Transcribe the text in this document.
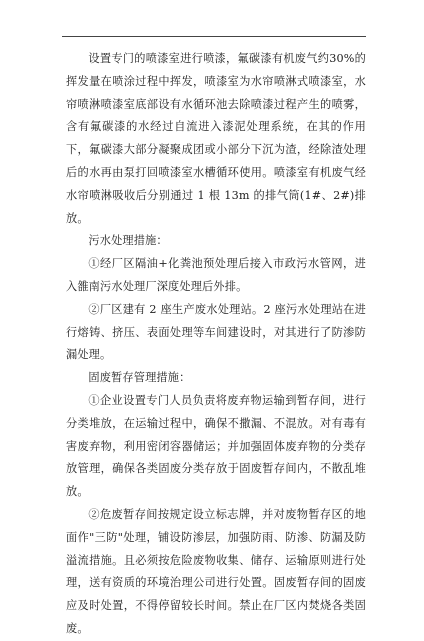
设置专门的喷漆室进行喷漆，氟碳漆有机废气约30%的挥发量在喷涂过程中挥发，喷漆室为水帘喷淋式喷漆室，水帘喷淋喷漆室底部设有水循环池去除喷漆过程产生的喷雾，含有氟碳漆的水经过自流进入漆泥处理系统，在其的作用下，氟碳漆大部分凝聚成团或小部分下沉为渣，经除渣处理后的水再由泵打回喷漆室水槽循环使用。喷漆室有机废气经水帘喷淋吸收后分别通过 1 根 13m 的排气筒(1#、2#)排放。

污水处理措施：

①经厂区隔油+化粪池预处理后接入市政污水管网，进入雒南污水处理厂深度处理后外排。

②厂区建有 2 座生产废水处理站。2 座污水处理站在进行熔铸、挤压、表面处理等车间建设时，对其进行了防渗防漏处理。

固废暂存管理措施：

①企业设置专门人员负责将废弃物运输到暂存间，进行分类堆放，在运输过程中，确保不撒漏、不混放。对有毒有害废弃物，利用密闭容器储运；并加强固体废弃物的分类存放管理，确保各类固废分类存放于固废暂存间内，不散乱堆放。

②危废暂存间按规定设立标志牌，并对废物暂存区的地面作"三防"处理，铺设防渗层，加强防雨、防渗、防漏及防溢流措施。且必须按危险废物收集、储存、运输原则进行处理，送有资质的环境治理公司进行处置。固废暂存间的固废应及时处置，不得停留较长时间。禁止在厂区内焚烧各类固废。
